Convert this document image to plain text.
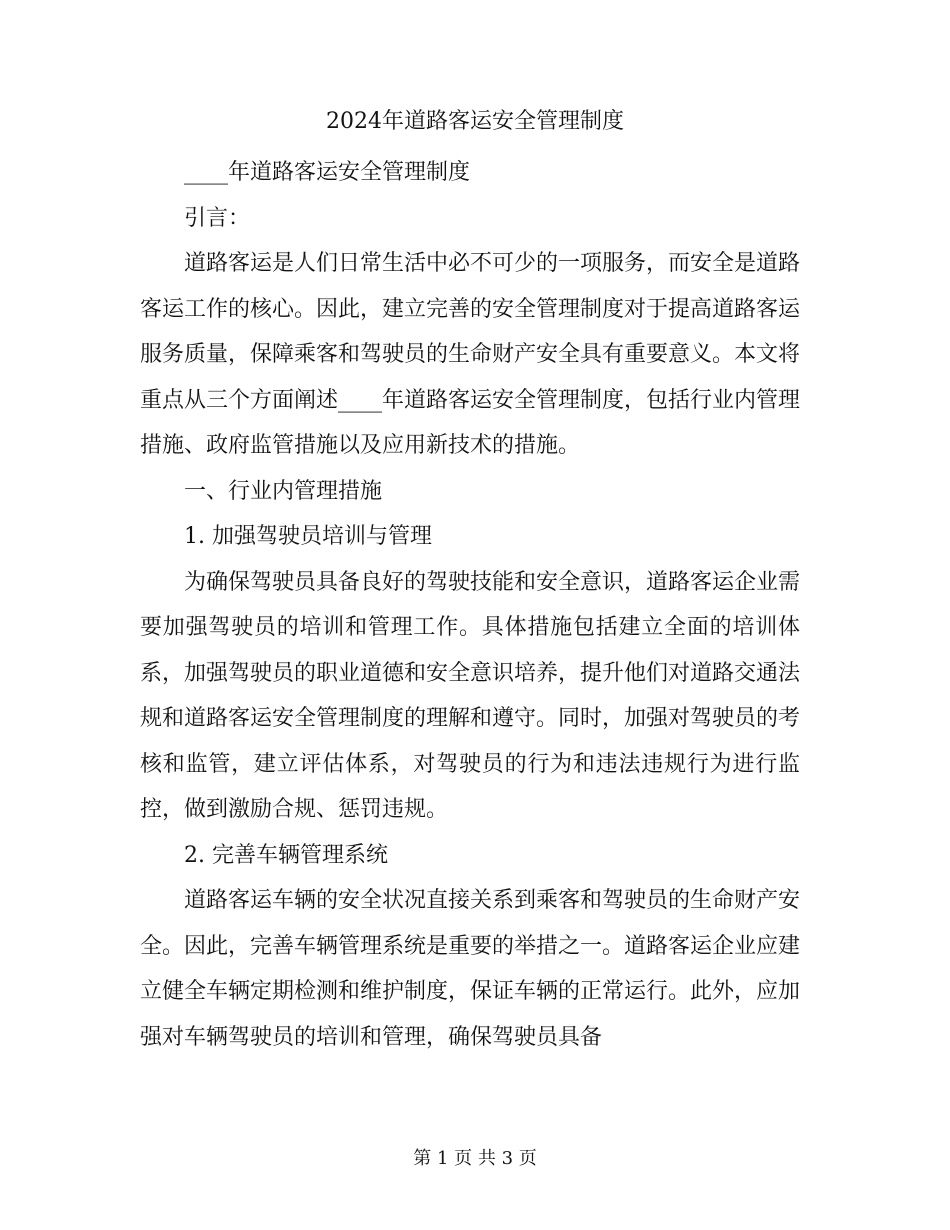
2024年道路客运安全管理制度

____年道路客运安全管理制度

引言：

道路客运是人们日常生活中必不可少的一项服务，而安全是道路客运工作的核心。因此，建立完善的安全管理制度对于提高道路客运服务质量，保障乘客和驾驶员的生命财产安全具有重要意义。本文将重点从三个方面阐述____年道路客运安全管理制度，包括行业内管理措施、政府监管措施以及应用新技术的措施。

一、行业内管理措施

1. 加强驾驶员培训与管理

为确保驾驶员具备良好的驾驶技能和安全意识，道路客运企业需要加强驾驶员的培训和管理工作。具体措施包括建立全面的培训体系，加强驾驶员的职业道德和安全意识培养，提升他们对道路交通法规和道路客运安全管理制度的理解和遵守。同时，加强对驾驶员的考核和监管，建立评估体系，对驾驶员的行为和违法违规行为进行监控，做到激励合规、惩罚违规。

2. 完善车辆管理系统

道路客运车辆的安全状况直接关系到乘客和驾驶员的生命财产安全。因此，完善车辆管理系统是重要的举措之一。道路客运企业应建立健全车辆定期检测和维护制度，保证车辆的正常运行。此外，应加强对车辆驾驶员的培训和管理，确保驾驶员具备

第 1 页 共 3 页
